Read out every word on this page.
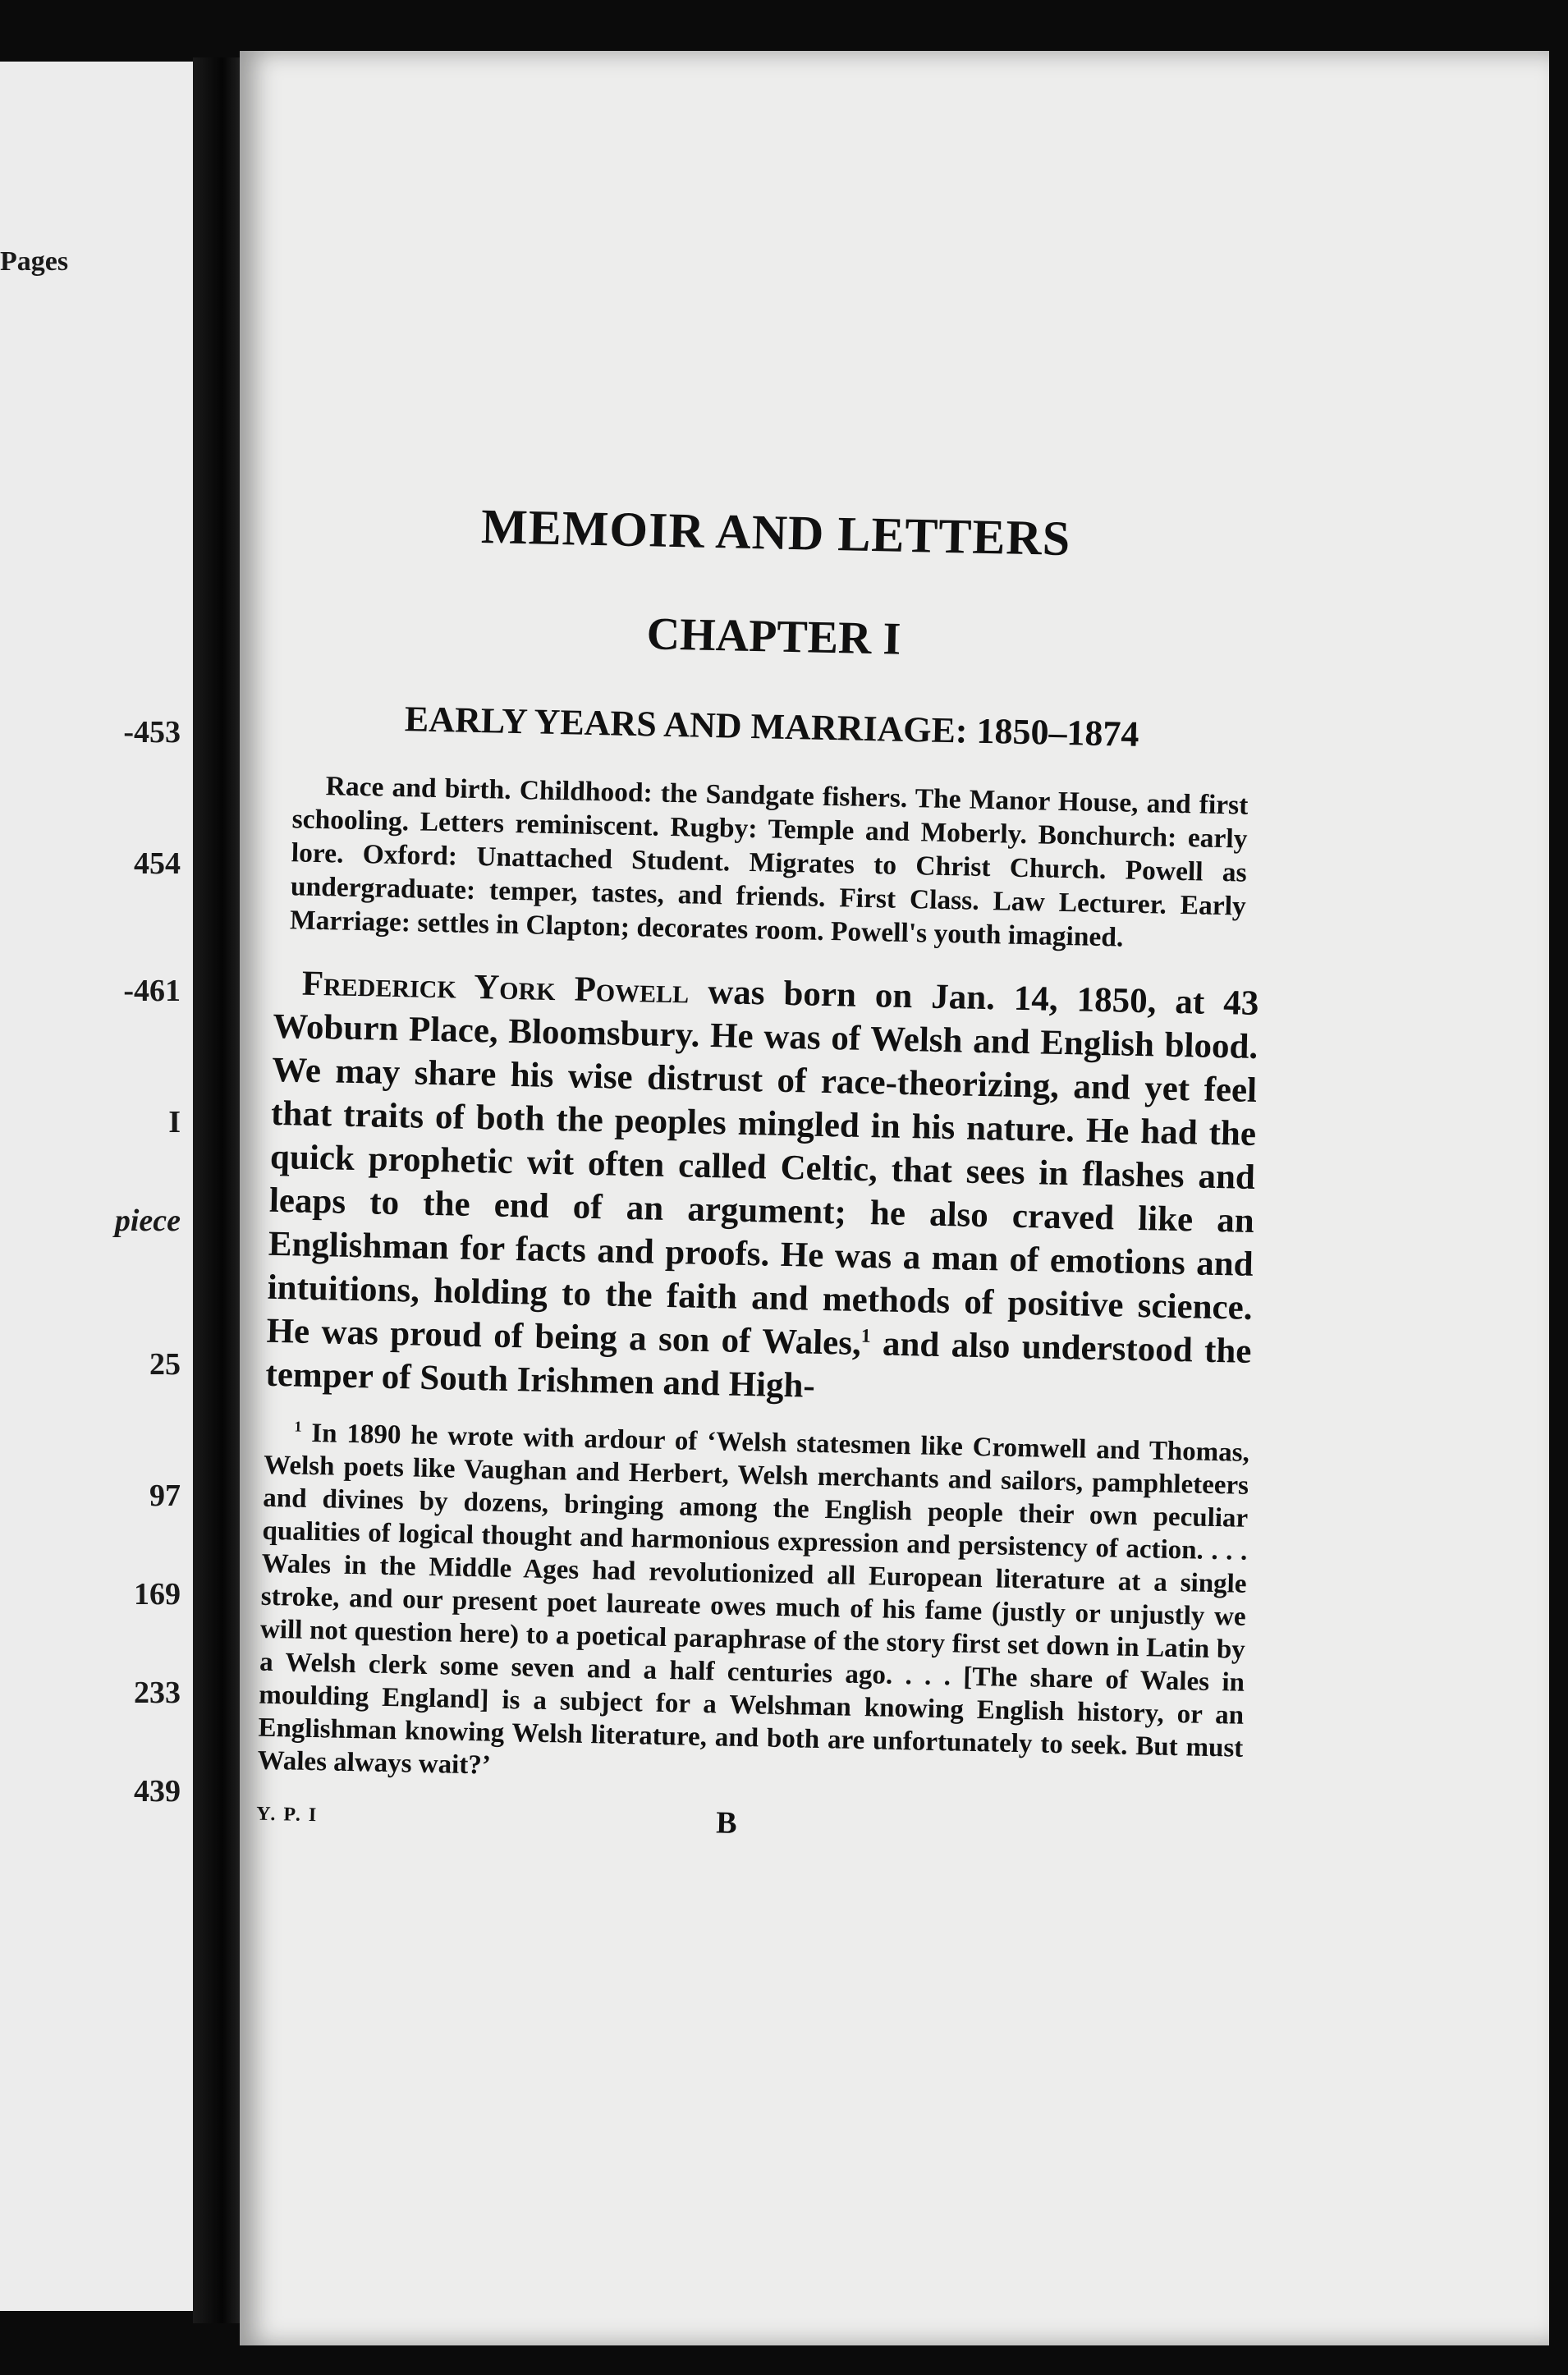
Pages
-453
454
-461
I
piece
25
97
169
233
439
MEMOIR AND LETTERS
CHAPTER I
EARLY YEARS AND MARRIAGE: 1850–1874

Race and birth. Childhood: the Sandgate fishers. The Manor House, and first schooling. Letters reminiscent. Rugby: Temple and Moberly. Bonchurch: early lore. Oxford: Unattached Student. Migrates to Christ Church. Powell as undergraduate: temper, tastes, and friends. First Class. Law Lecturer. Early Marriage: settles in Clapton; decorates room. Powell's youth imagined.

Frederick York Powell was born on Jan. 14, 1850, at 43 Woburn Place, Bloomsbury. He was of Welsh and English blood. We may share his wise distrust of race-theorizing, and yet feel that traits of both the peoples mingled in his nature. He had the quick prophetic wit often called Celtic, that sees in flashes and leaps to the end of an argument; he also craved like an Englishman for facts and proofs. He was a man of emotions and intuitions, holding to the faith and methods of positive science. He was proud of being a son of Wales,$^1$ and also understood the temper of South Irishmen and High-

$^1$ In 1890 he wrote with ardour of ‘Welsh statesmen like Cromwell and Thomas, Welsh poets like Vaughan and Herbert, Welsh merchants and sailors, pamphleteers and divines by dozens, bringing among the English people their own peculiar qualities of logical thought and harmonious expression and persistency of action. . . . Wales in the Middle Ages had revolutionized all European literature at a single stroke, and our present poet laureate owes much of his fame (justly or unjustly we will not question here) to a poetical paraphrase of the story first set down in Latin by a Welsh clerk some seven and a half centuries ago. . . . [The share of Wales in moulding England] is a subject for a Welshman knowing English history, or an Englishman knowing Welsh literature, and both are unfortunately to seek. But must Wales always wait?’

Y. P. I	B
